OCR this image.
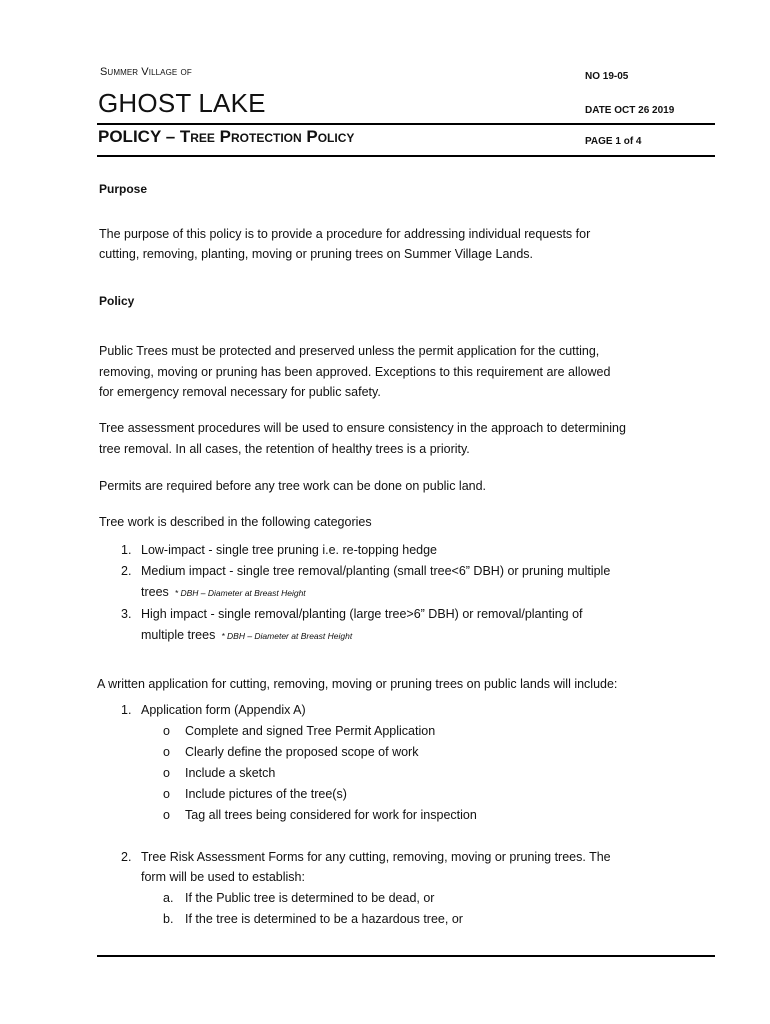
Summer Village of
GHOST LAKE
NO 19-05
DATE OCT 26 2019
POLICY – Tree Protection Policy	PAGE 1 of 4
Purpose
The purpose of this policy is to provide a procedure for addressing individual requests for
cutting, removing, planting, moving or pruning trees on Summer Village Lands.
Policy
Public Trees must be protected and preserved unless the permit application for the cutting,
removing, moving or pruning has been approved. Exceptions to this requirement are allowed
for emergency removal necessary for public safety.
Tree assessment procedures will be used to ensure consistency in the approach to determining
tree removal. In all cases, the retention of healthy trees is a priority.
Permits are required before any tree work can be done on public land.
Tree work is described in the following categories
1. Low-impact - single tree pruning i.e. re-topping hedge
2. Medium impact - single tree removal/planting (small tree<6” DBH) or pruning multiple
trees * DBH – Diameter at Breast Height
3. High impact - single removal/planting (large tree>6” DBH) or removal/planting of
multiple trees * DBH – Diameter at Breast Height
A written application for cutting, removing, moving or pruning trees on public lands will include:
1. Application form (Appendix A)
o Complete and signed Tree Permit Application
o Clearly define the proposed scope of work
o Include a sketch
o Include pictures of the tree(s)
o Tag all trees being considered for work for inspection
2. Tree Risk Assessment Forms for any cutting, removing, moving or pruning trees. The
form will be used to establish:
a. If the Public tree is determined to be dead, or
b. If the tree is determined to be a hazardous tree, or
